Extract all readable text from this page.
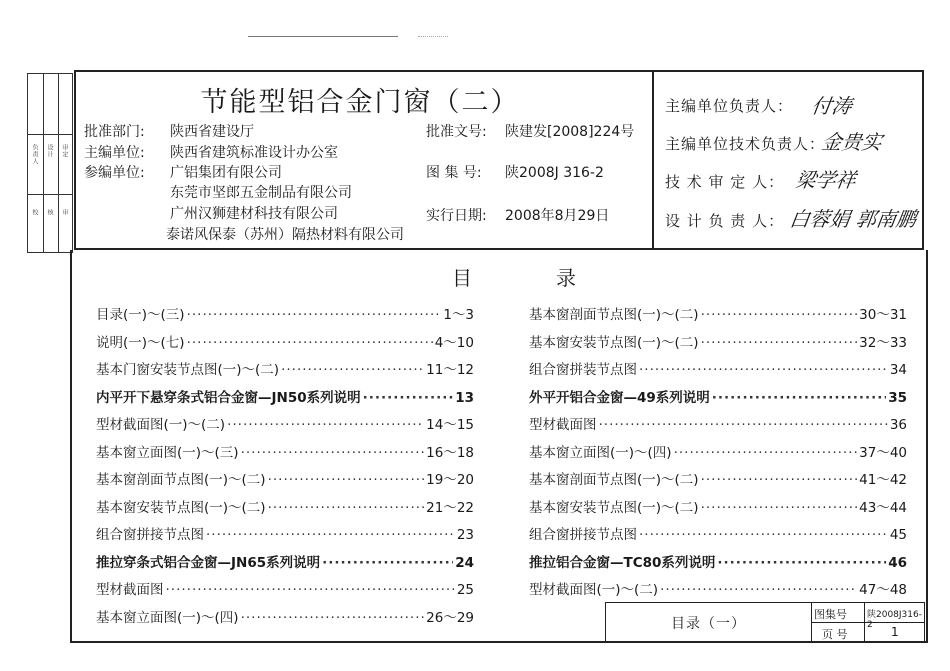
负责人 设计 审定
校 核 审
节能型铝合金门窗（二）
批准部门: 陕西省建设厅
主编单位: 陕西省建筑标准设计办公室
参编单位: 广铝集团有限公司
东莞市坚郎五金制品有限公司
广州汉狮建材科技有限公司
泰诺风保泰（苏州）隔热材料有限公司
批准文号: 陕建发[2008]224号
图 集 号: 陕2008J 316-2
实行日期: 2008年8月29日
主编单位负责人： 付涛
主编单位技术负责人：
金贵实
技 术 审 定 人： 梁学祥
设 计 负 责 人： 白蓉娟 郭南鹏
目	录
目录(一)～(三) ·····	1～3
说明(一)～(七) ·····	4～10
基本门窗安装节点图(一)～(二) ·····	11～12
内平开下悬穿条式铝合金窗—JN50系列说明 ·····	13
型材截面图(一)～(二) ·····	14～15
基本窗立面图(一)～(三) ·····	16～18
基本窗剖面节点图(一)～(二) ·····	19～20
基本窗安装节点图(一)～(二) ·····	21～22
组合窗拼接节点图 ·····	23
推拉穿条式铝合金窗—JN65系列说明 ·····	24
型材截面图 ·····	25
基本窗立面图(一)～(四) ·····	26～29
基本窗剖面节点图(一)～(二) ·····	30～31
基本窗安装节点图(一)～(二) ·····	32～33
组合窗拼装节点图 ·····	34
外平开铝合金窗—49系列说明 ·····	35
型材截面图 ·····	36
基本窗立面图(一)～(四) ·····	37～40
基本窗剖面节点图(一)～(二) ·····	41～42
基本窗安装节点图(一)～(二) ·····	43～44
组合窗拼接节点图 ·····	45
推拉铝合金窗—TC80系列说明 ·····	46
型材截面图(一)～(二) ·····	47～48
目录（一）
图集号 陕2008J316-2
页 号	1
